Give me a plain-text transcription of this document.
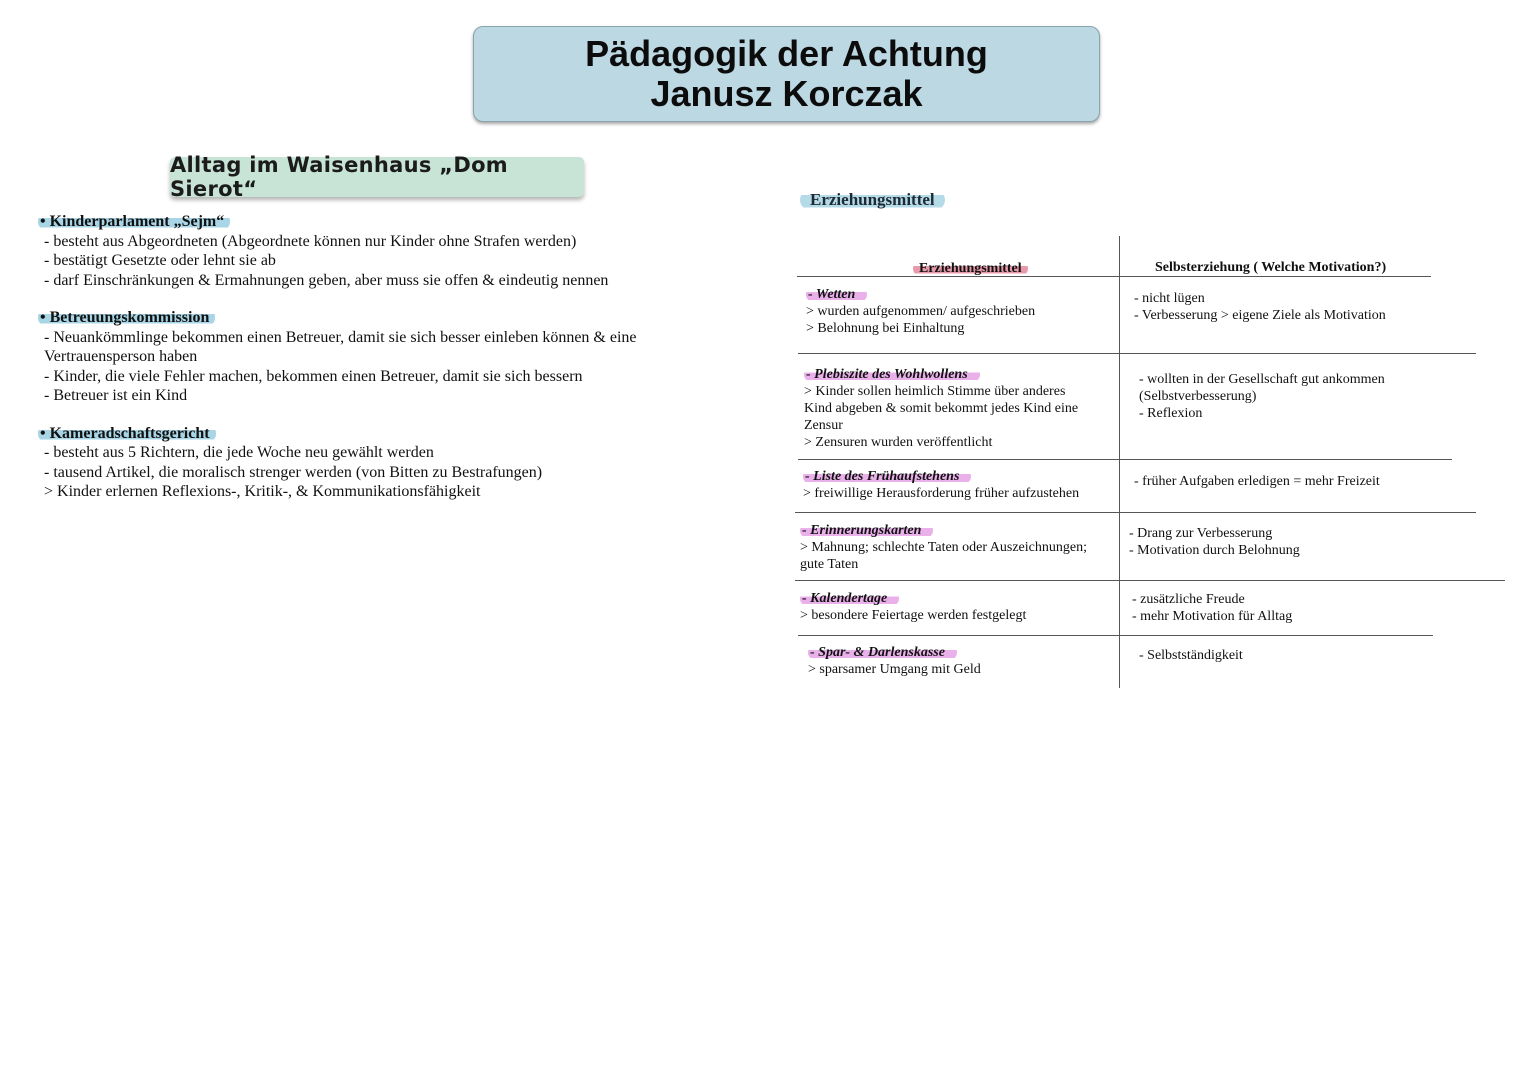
Pädagogik der Achtung
Janusz Korczak
Alltag im Waisenhaus „Dom Sierot“
• Kinderparlament „Sejm“
- besteht aus Abgeordneten (Abgeordnete können nur Kinder ohne Strafen werden)
- bestätigt Gesetzte oder lehnt sie ab
- darf Einschränkungen & Ermahnungen geben, aber muss sie offen & eindeutig nennen
• Betreuungskommission
- Neuankömmlinge bekommen einen Betreuer, damit sie sich besser einleben können & eine
Vertrauensperson haben
- Kinder, die viele Fehler machen, bekommen einen Betreuer, damit sie sich bessern
- Betreuer ist ein Kind
• Kameradschaftsgericht
- besteht aus 5 Richtern, die jede Woche neu gewählt werden
- tausend Artikel, die moralisch strenger werden (von Bitten zu Bestrafungen)
> Kinder erlernen Reflexions-, Kritik-, & Kommunikationsfähigkeit
Erziehungsmittel
Erziehungsmittel	Selbsterziehung ( Welche Motivation?)
- Wetten
> wurden aufgenommen/ aufgeschrieben
> Belohnung bei Einhaltung
- nicht lügen
- Verbesserung > eigene Ziele als Motivation
- Plebiszite des Wohlwollens
> Kinder sollen heimlich Stimme über anderes
Kind abgeben & somit bekommt jedes Kind eine
Zensur
> Zensuren wurden veröffentlicht
- wollten in der Gesellschaft gut ankommen
(Selbstverbesserung)
- Reflexion
- Liste des Frühaufstehens
> freiwillige Herausforderung früher aufzustehen
- früher Aufgaben erledigen = mehr Freizeit
- Erinnerungskarten
> Mahnung; schlechte Taten oder Auszeichnungen;
gute Taten
- Drang zur Verbesserung
- Motivation durch Belohnung
- Kalendertage
> besondere Feiertage werden festgelegt
- zusätzliche Freude
- mehr Motivation für Alltag
- Spar- & Darlenskasse
> sparsamer Umgang mit Geld
- Selbstständigkeit
